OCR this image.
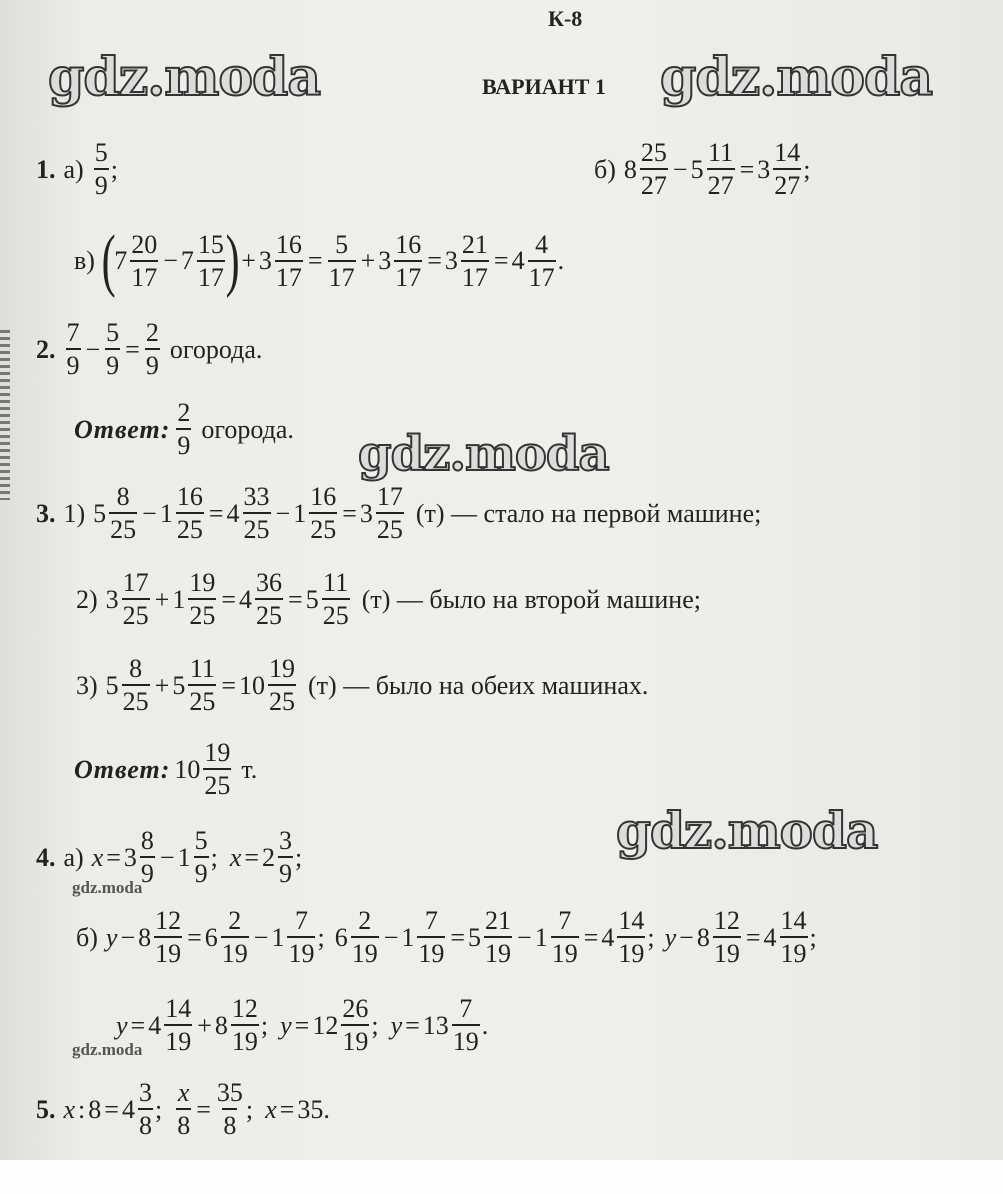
К-8
ВАРИАНТ 1
1. $а) \frac{5}{9}$ ;	б) $8 \frac{25}{27} - 5 \frac{11}{27} = 3 \frac{14}{27}$ ;
в) (
$7 \frac{20}{17} - 7 \frac{15}{17}$ ) + $3 \frac{16}{17} = \frac{5}{17} + 3 \frac{16}{17} = 3 \frac{21}{17} = 4 \frac{4}{17}$ .
2. $\frac{7}{9} - \frac{5}{9} = \frac{2}{9}$ огорода.
Ответ: $\frac{2}{9}$ огорода.
3. 1) $5 \frac{8}{25} - 1 \frac{16}{25} = 4 \frac{33}{25} - 1 \frac{16}{25} = 3 \frac{17}{25} (т)$ — стало на первой машине;
2) $3 \frac{17}{25} + 1 \frac{19}{25} = 4 \frac{36}{25} = 5 \frac{11}{25} (т)$ — было на второй машине;
3) $5 \frac{8}{25} + 5 \frac{11}{25} = 10 \frac{19}{25} (т)$ — было на обеих машинах.
Ответ: $10 \frac{19}{25} т$.
4. а) $x = 3 \frac{8}{9} - 1 \frac{5}{9}$ ; $x = 2 \frac{3}{9}$ ;
б) $y - 8 \frac{12}{19} = 6 \frac{2}{19} - 1 \frac{7}{19}$ ; $6 \frac{2}{19} - 1 \frac{7}{19} = 5 \frac{21}{19} - 1 \frac{7}{19} = 4 \frac{14}{19}$ ; $y - 8 \frac{12}{19} = 4 \frac{14}{19}$ ;
$y = 4 \frac{14}{19} + 8 \frac{12}{19}$ ; $y = 12 \frac{26}{19}$ ; $y = 13 \frac{7}{19}$ .
5. x : $8 = 4 \frac{3}{8}$ ; $\frac{x}{8} = \frac{35}{8}$ ; x = 35 .
gdz.moda	gdz.moda
gdz.moda
gdz.moda
gdz.moda
gdz.moda
